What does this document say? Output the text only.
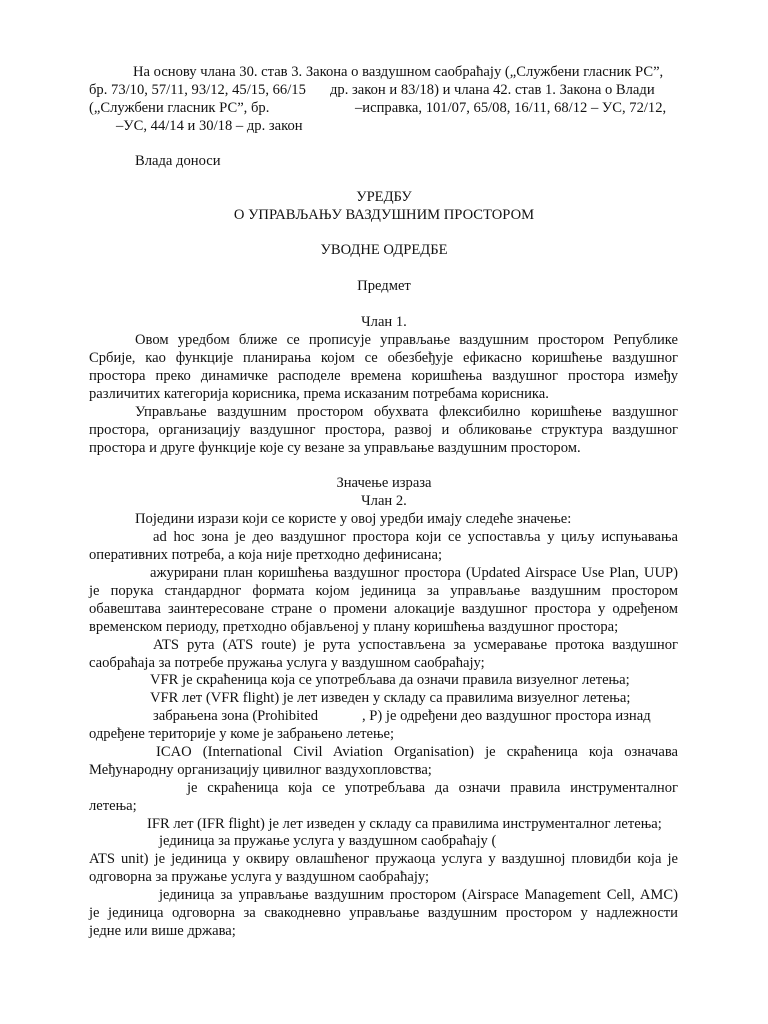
На основу члана 30. став 3. Закона о ваздушном саобраћају („Службени гласник РС”,
бр. 73/10, 57/11, 93/12, 45/15, 66/15 др. закон и 83/18) и члана 42. став 1. Закона о Влади
(„Службени гласник РС”, бр.	–исправка, 101/07, 65/08, 16/11, 68/12 – УС, 72/12,
–УС, 44/14 и 30/18 – др. закон
Влада доноси
УРЕДБУ
О УПРАВЉАЊУ ВАЗДУШНИМ ПРОСТОРОМ
УВОДНЕ ОДРЕДБЕ
Предмет
Члан 1.
Овом уредбом ближе се прописује управљање ваздушним простором Републике
Србије, као функције планирања којом се обезбеђује ефикасно коришћење ваздушног
простора преко динамичке расподеле времена коришћења ваздушног простора између
различитих категорија корисника, према исказаним потребама корисника.
Управљање ваздушним простором обухвата флексибилно коришћење ваздушног
простора, организацију ваздушног простора, развој и обликовање структура ваздушног
простора и друге функције које су везане за управљање ваздушним простором.
Значење израза
Члан 2.
Поједини изрази који се користе у овој уредби имају следеће значење:
ad hoc зона је део ваздушног простора који се успоставља у циљу испуњавања
оперативних потреба, а која није претходно дефинисана;
ажурирани план коришћења ваздушног простора (Updated Airspace Use Plan, UUP)
је порука стандардног формата којом јединица за управљање ваздушним простором
обавештава заинтересоване стране о промени алокације ваздушног простора у одређеном
временском периоду, претходно објављеној у плану коришћења ваздушног простора;
ATS рута (ATS route) је рута успостављена за усмеравање протока ваздушног
саобраћаја за потребе пружања услуга у ваздушном саобраћају;
VFR је скраћеница која се употребљава да означи правила визуелног летења;
VFR лет (VFR flight) је лет изведен у складу са правилима визуелног летења;
забрањена зона (Prohibited	, P) је одређени део ваздушног простора изнад
одређене територије у коме је забрањено летење;
ICAO (International Civil Aviation Organisation) је скраћеница која означава
Међународну организацију цивилног ваздухопловства;
је скраћеница која се употребљава да означи правила инструменталног
летења;
IFR лет (IFR flight) је лет изведен у складу са правилима инструменталног летења;
јединица за пружање услуга у ваздушном саобраћају (
ATS unit) је јединица у оквиру овлашћеног пружаоца услуга у ваздушној пловидби која је
одговорна за пружање услуга у ваздушном саобраћају;
јединица за управљање ваздушним простором (Airspace Management Cell, AMC)
је јединица одговорна за свакодневно управљање ваздушним простором у надлежности
једне или више држава;
